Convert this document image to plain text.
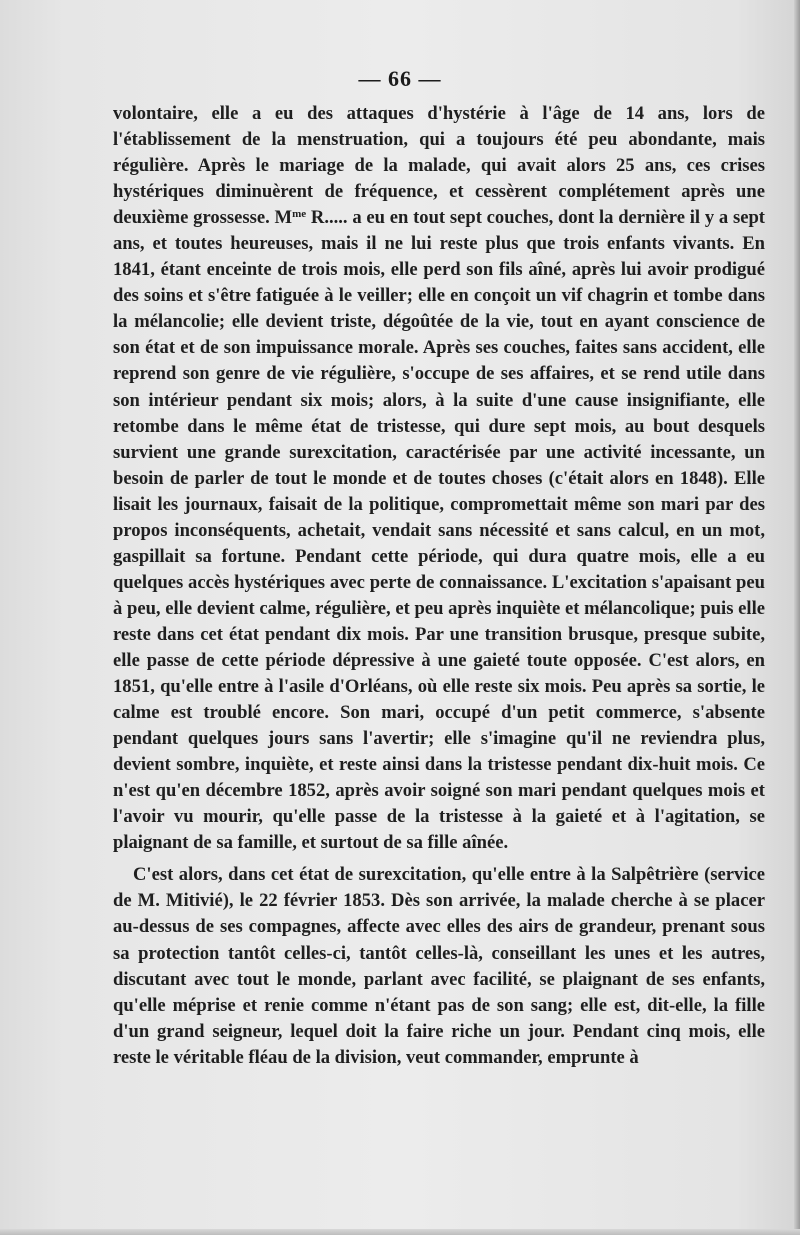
— 66 —

volontaire, elle a eu des attaques d'hystérie à l'âge de 14 ans, lors de l'établissement de la menstruation, qui a toujours été peu abondante, mais régulière. Après le mariage de la malade, qui avait alors 25 ans, ces crises hystériques diminuèrent de fréquence, et cessèrent complétement après une deuxième grossesse. $M^{me}$ R..... a eu en tout sept couches, dont la dernière il y a sept ans, et toutes heureuses, mais il ne lui reste plus que trois enfants vivants. En 1841, étant enceinte de trois mois, elle perd son fils aîné, après lui avoir prodigué des soins et s'être fatiguée à le veiller; elle en conçoit un vif chagrin et tombe dans la mélancolie; elle devient triste, dégoûtée de la vie, tout en ayant conscience de son état et de son impuissance morale. Après ses couches, faites sans accident, elle reprend son genre de vie régulière, s'occupe de ses affaires, et se rend utile dans son intérieur pendant six mois; alors, à la suite d'une cause insignifiante, elle retombe dans le même état de tristesse, qui dure sept mois, au bout desquels survient une grande surexcitation, caractérisée par une activité incessante, un besoin de parler de tout le monde et de toutes choses (c'était alors en 1848). Elle lisait les journaux, faisait de la politique, compromettait même son mari par des propos inconséquents, achetait, vendait sans nécessité et sans calcul, en un mot, gaspillait sa fortune. Pendant cette période, qui dura quatre mois, elle a eu quelques accès hystériques avec perte de connaissance. L'excitation s'apaisant peu à peu, elle devient calme, régulière, et peu après inquiète et mélancolique; puis elle reste dans cet état pendant dix mois. Par une transition brusque, presque subite, elle passe de cette période dépressive à une gaieté toute opposée. C'est alors, en 1851, qu'elle entre à l'asile d'Orléans, où elle reste six mois. Peu après sa sortie, le calme est troublé encore. Son mari, occupé d'un petit commerce, s'absente pendant quelques jours sans l'avertir; elle s'imagine qu'il ne reviendra plus, devient sombre, inquiète, et reste ainsi dans la tristesse pendant dix-huit mois. Ce n'est qu'en décembre 1852, après avoir soigné son mari pendant quelques mois et l'avoir vu mourir, qu'elle passe de la tristesse à la gaieté et à l'agitation, se plaignant de sa famille, et surtout de sa fille aînée.

C'est alors, dans cet état de surexcitation, qu'elle entre à la Salpêtrière (service de M. Mitivié), le 22 février 1853. Dès son arrivée, la malade cherche à se placer au-dessus de ses compagnes, affecte avec elles des airs de grandeur, prenant sous sa protection tantôt celles-ci, tantôt celles-là, conseillant les unes et les autres, discutant avec tout le monde, parlant avec facilité, se plaignant de ses enfants, qu'elle méprise et renie comme n'étant pas de son sang; elle est, dit-elle, la fille d'un grand seigneur, lequel doit la faire riche un jour. Pendant cinq mois, elle reste le véritable fléau de la division, veut commander, emprunte à
